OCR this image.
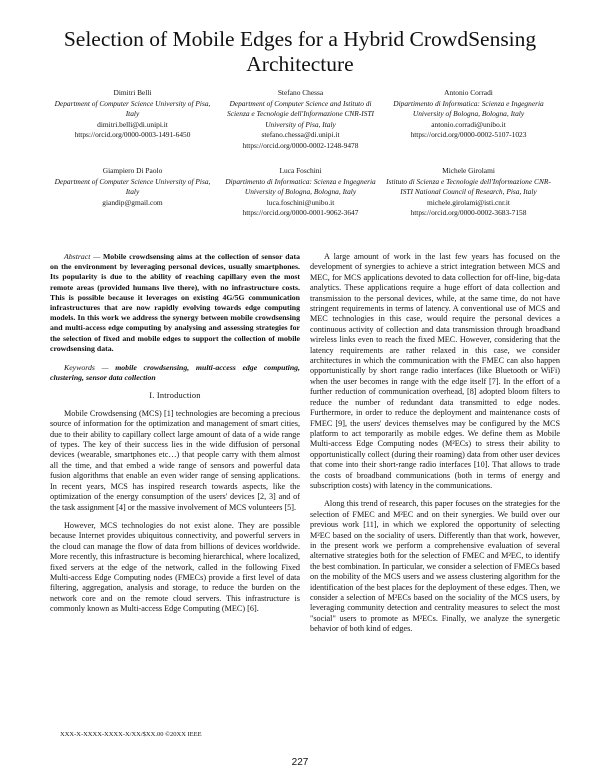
Selection of Mobile Edges for a Hybrid CrowdSensing Architecture
Dimitri Belli
Department of Computer Science University of Pisa, Italy
dimitri.belli@di.unipi.it
https://orcid.org/0000-0003-1491-6450
Stefano Chessa
Department of Computer Science and Istituto di Scienza e Tecnologie dell'Informazione CNR-ISTI University of Pisa, Italy
stefano.chessa@di.unipi.it
https://orcid.org/0000-0002-1248-9478
Antonio Corradi
Dipartimento di Informatica: Scienza e Ingegneria University of Bologna, Bologna, Italy
antonio.corradi@unibo.it
https://orcid.org/0000-0002-5107-1023
Giampiero Di Paolo
Department of Computer Science University of Pisa, Italy
giandip@gmail.com
Luca Foschini
Dipartimento di Informatica: Scienza e Ingegneria University of Bologna, Bologna, Italy
luca.foschini@unibo.it
https://orcid.org/0000-0001-9062-3647
Michele Girolami
Istituto di Scienza e Tecnologie dell'Informazione CNR-ISTI National Council of Research, Pisa, Italy
michele.girolami@isti.cnr.it
https://orcid.org/0000-0002-3683-7158
Abstract — Mobile crowdsensing aims at the collection of sensor data on the environment by leveraging personal devices, usually smartphones. Its popularity is due to the ability of reaching capillary even the most remote areas (provided humans live there), with no infrastructure costs. This is possible because it leverages on existing 4G/5G communication infrastructures that are now rapidly evolving towards edge computing models. In this work we address the synergy between mobile crowdsensing and multi-access edge computing by analysing and assessing strategies for the selection of fixed and mobile edges to support the collection of mobile crowdsensing data.
Keywords — mobile crowdsensing, multi-access edge computing, clustering, sensor data collection
I. Introduction

Mobile Crowdsensing (MCS) [1] technologies are becoming a precious source of information for the optimization and management of smart cities, due to their ability to capillary collect large amount of data of a wide range of types. The key of their success lies in the wide diffusion of personal devices (wearable, smartphones etc…) that people carry with them almost all the time, and that embed a wide range of sensors and powerful data fusion algorithms that enable an even wider range of sensing applications. In recent years, MCS has inspired research towards aspects, like the optimization of the energy consumption of the users' devices [2, 3] and of the task assignment [4] or the massive involvement of MCS volunteers [5].

However, MCS technologies do not exist alone. They are possible because Internet provides ubiquitous connectivity, and powerful servers in the cloud can manage the flow of data from billions of devices worldwide. More recently, this infrastructure is becoming hierarchical, where localized, fixed servers at the edge of the network, called in the following Fixed Multi-access Edge Computing nodes (FMECs) provide a first level of data filtering, aggregation, analysis and storage, to reduce the burden on the network core and on the remote cloud servers. This infrastructure is commonly known as Multi-access Edge Computing (MEC) [6].

A large amount of work in the last few years has focused on the development of synergies to achieve a strict integration between MCS and MEC, for MCS applications devoted to data collection for off-line, big-data analytics. These applications require a huge effort of data collection and transmission to the personal devices, while, at the same time, do not have stringent requirements in terms of latency. A conventional use of MCS and MEC technologies in this case, would require the personal devices a continuous activity of collection and data transmission through broadband wireless links even to reach the fixed MEC. However, considering that the latency requirements are rather relaxed in this case, we consider architectures in which the communication with the FMEC can also happen opportunistically by short range radio interfaces (like Bluetooth or WiFi) when the user becomes in range with the edge itself [7]. In the effort of a further reduction of communication overhead, [8] adopted bloom filters to reduce the number of redundant data transmitted to edge nodes. Furthermore, in order to reduce the deployment and maintenance costs of FMEC [9], the users' devices themselves may be configured by the MCS platform to act temporarily as mobile edges. We define them as Mobile Multi-access Edge Computing nodes (M²ECs) to stress their ability to opportunistically collect (during their roaming) data from other user devices that come into their short-range radio interfaces [10]. That allows to trade the costs of broadband communications (both in terms of energy and subscription costs) with latency in the communications.

Along this trend of research, this paper focuses on the strategies for the selection of FMEC and M²EC and on their synergies. We build over our previous work [11], in which we explored the opportunity of selecting M²EC based on the sociality of users. Differently than that work, however, in the present work we perform a comprehensive evaluation of several alternative strategies both for the selection of FMEC and M²EC, to identify the best combination. In particular, we consider a selection of FMECs based on the mobility of the MCS users and we assess clustering algorithm for the identification of the best places for the deployment of these edges. Then, we consider a selection of M²ECs based on the sociality of the MCS users, by leveraging community detection and centrality measures to select the most "social" users to promote as M²ECs. Finally, we analyze the synergetic behavior of both kind of edges.

XXX-X-XXXX-XXXX-X/XX/$XX.00 ©20XX IEEE
227
